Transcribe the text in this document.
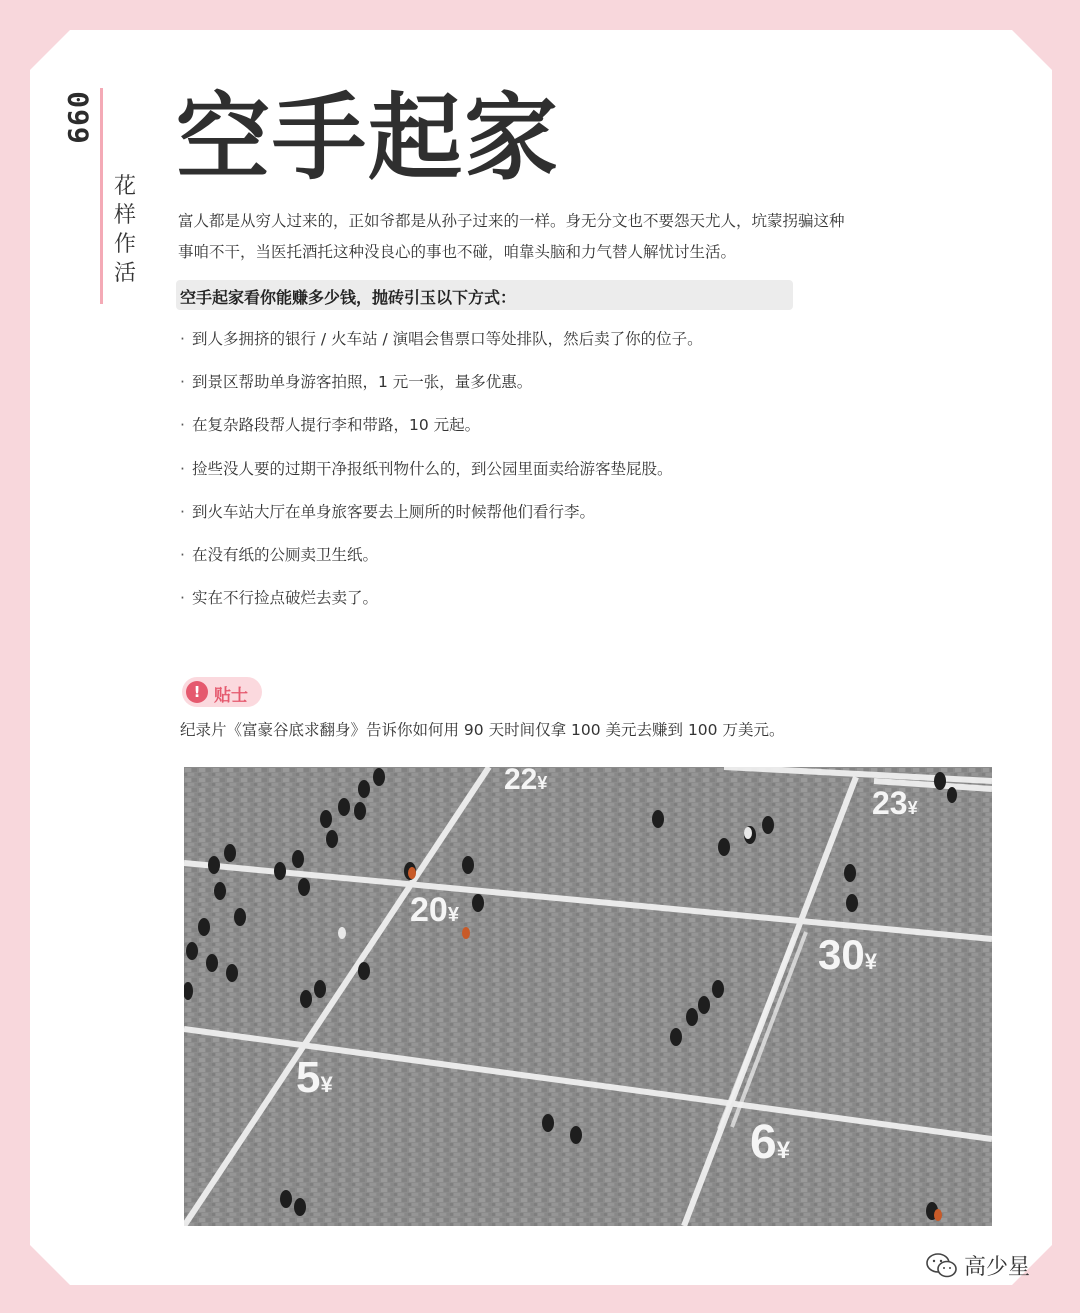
099
花样作活
空手起家
富人都是从穷人过来的，正如爷都是从孙子过来的一样。身无分文也不要怨天尤人，坑蒙拐骗这种
事咱不干，当医托酒托这种没良心的事也不碰，咱靠头脑和力气替人解忧讨生活。
空手起家看你能赚多少钱，抛砖引玉以下方式：
· 到人多拥挤的银行 / 火车站 / 演唱会售票口等处排队，然后卖了你的位子。
· 到景区帮助单身游客拍照，1 元一张，量多优惠。
· 在复杂路段帮人提行李和带路，10 元起。
· 捡些没人要的过期干净报纸刊物什么的，到公园里面卖给游客垫屁股。
· 到火车站大厅在单身旅客要去上厕所的时候帮他们看行李。
· 在没有纸的公厕卖卫生纸。
· 实在不行捡点破烂去卖了。
! 贴士
纪录片《富豪谷底求翻身》告诉你如何用 90 天时间仅拿 100 美元去赚到 100 万美元。
22¥
23¥
20¥
30¥
5¥
6¥
高少星
